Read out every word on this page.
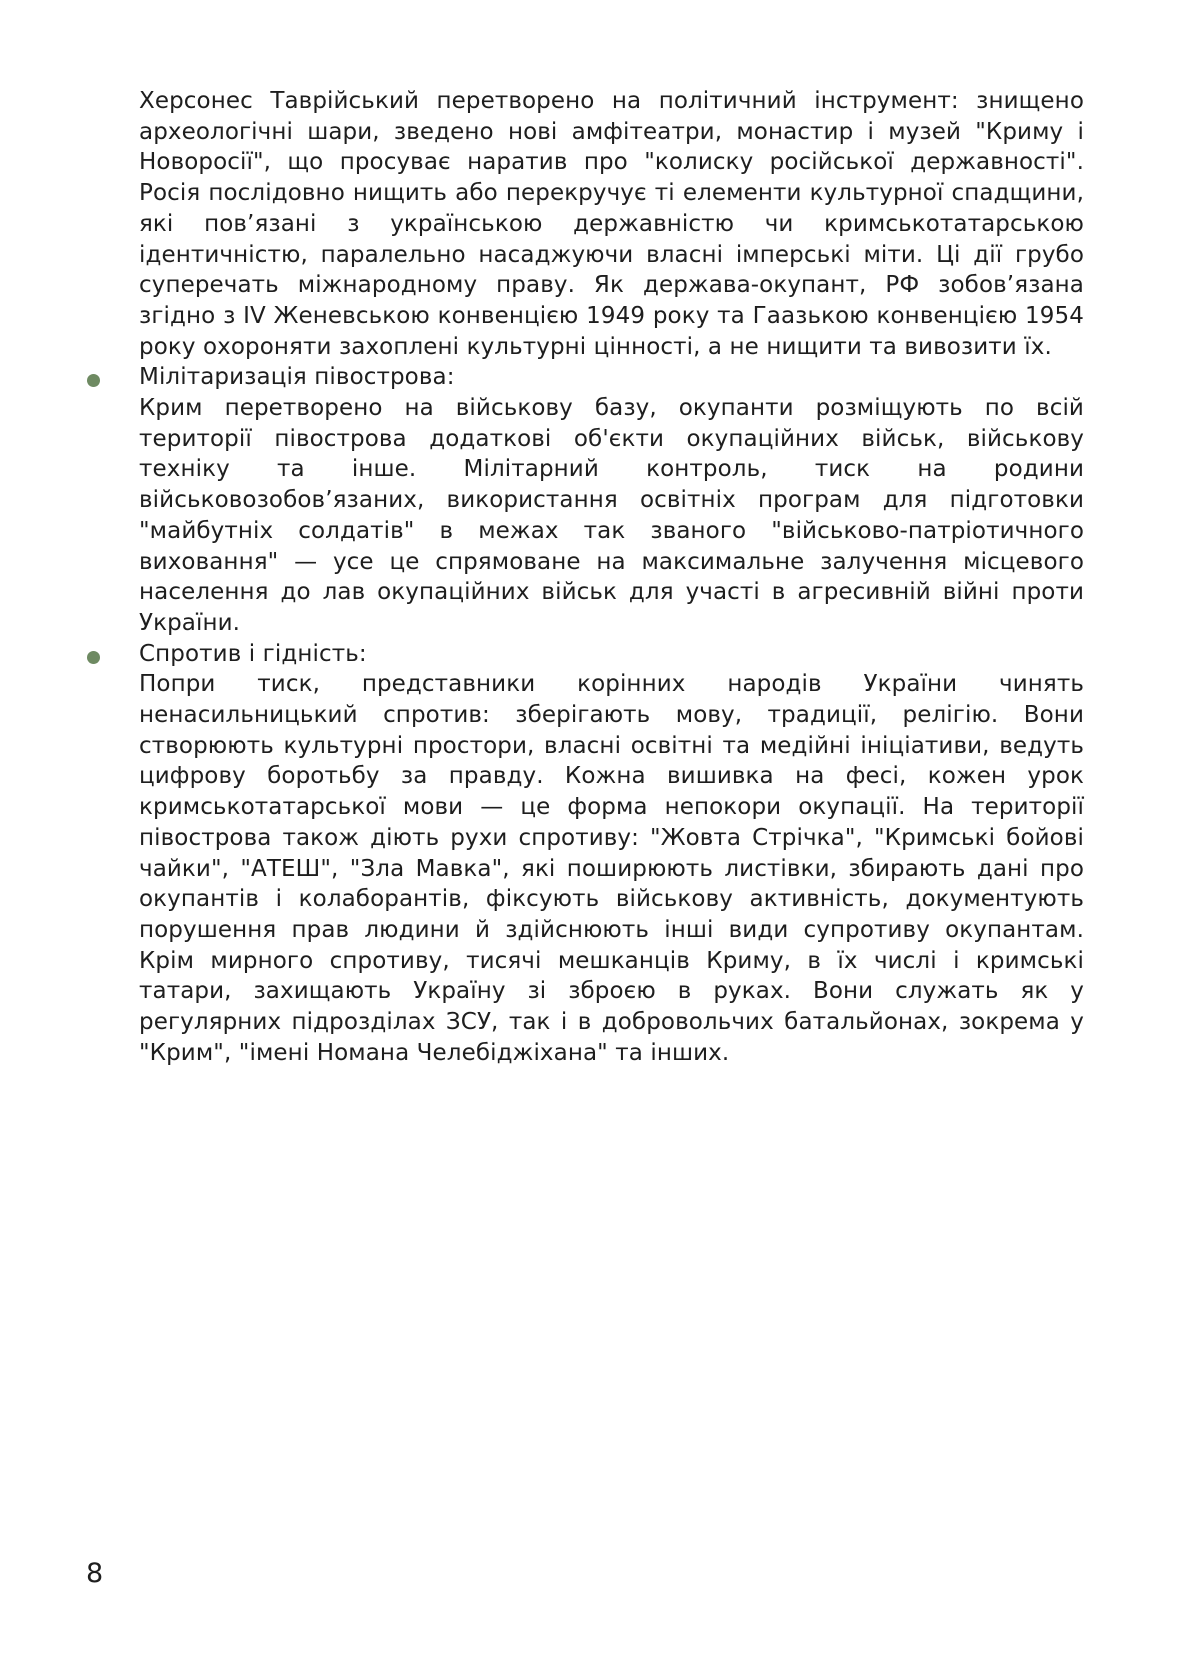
Херсонес Таврійський перетворено на політичний інструмент: знищено археологічні шари, зведено нові амфітеатри, монастир і музей "Криму і Новоросії", що просуває наратив про "колиску російської державності". Росія послідовно нищить або перекручує ті елементи культурної спадщини, які пов’язані з українською державністю чи кримськотатарською ідентичністю, паралельно насаджуючи власні імперські міти. Ці дії грубо суперечать міжнародному праву. Як держава-окупант, РФ зобов’язана згідно з IV Женевською конвенцією 1949 року та Гаазькою конвенцією 1954 року охороняти захоплені культурні цінності, а не нищити та вивозити їх.

Мілітаризація півострова:

Крим перетворено на військову базу, окупанти розміщують по всій території півострова додаткові об'єкти окупаційних військ, військову техніку та інше. Мілітарний контроль, тиск на родини військовозобов’язаних, використання освітніх програм для підготовки "майбутніх солдатів" в межах так званого "військово-патріотичного виховання" — усе це спрямоване на максимальне залучення місцевого населення до лав окупаційних військ для участі в агресивній війні проти України.

Спротив і гідність:

Попри тиск, представники корінних народів України чинять ненасильницький спротив: зберігають мову, традиції, релігію. Вони створюють культурні простори, власні освітні та медійні ініціативи, ведуть цифрову боротьбу за правду. Кожна вишивка на фесі, кожен урок кримськотатарської мови — це форма непокори окупації. На території півострова також діють рухи спротиву: "Жовта Стрічка", "Кримські бойові чайки", "АТЕШ", "Зла Мавка", які поширюють листівки, збирають дані про окупантів і колаборантів, фіксують військову активність, документують порушення прав людини й здійснюють інші види супротиву окупантам. Крім мирного спротиву, тисячі мешканців Криму, в їх числі і кримські татари, захищають Україну зі зброєю в руках. Вони служать як у регулярних підрозділах ЗСУ, так і в добровольчих батальйонах, зокрема у "Крим", "імені Номана Челебіджіхана" та інших.

8
